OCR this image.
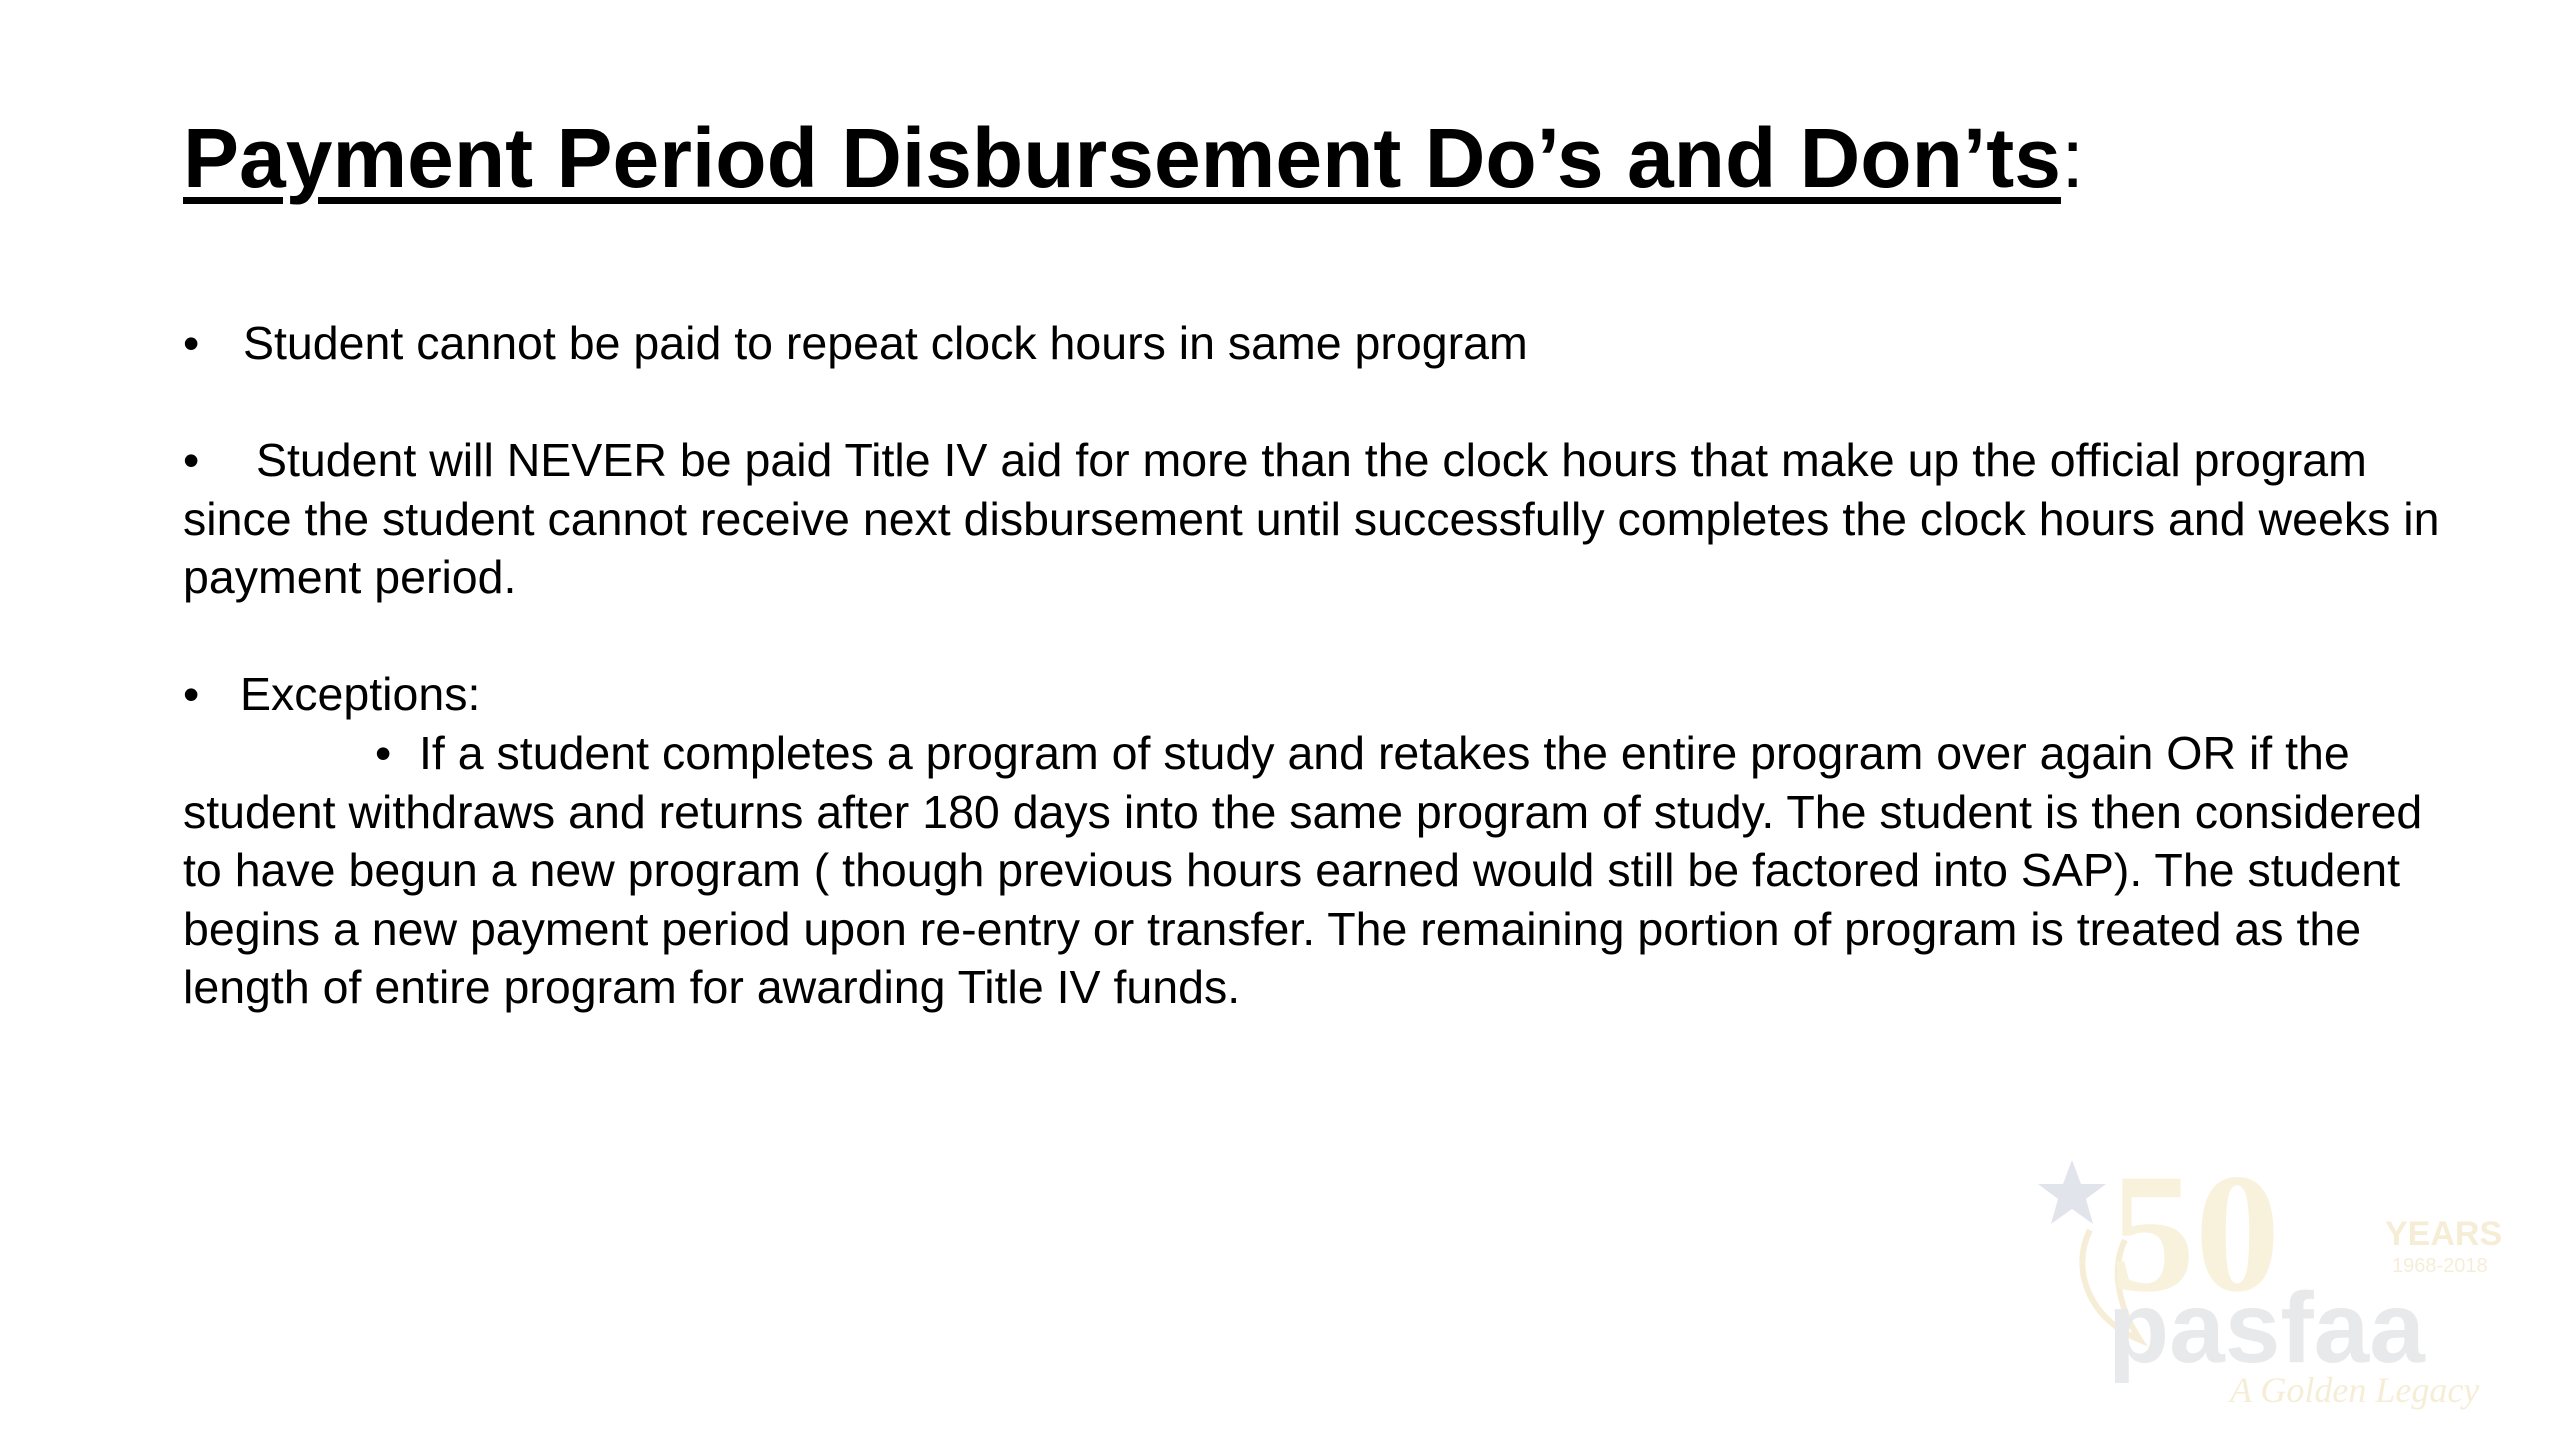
Payment Period Disbursement Do’s and Don’ts:

• Student cannot be paid to repeat clock hours in same program

• Student will NEVER be paid Title IV aid for more than the clock hours that make up the official program since the student cannot receive next disbursement until successfully completes the clock hours and weeks in payment period.

• Exceptions:

• If a student completes a program of study and retakes the entire program over again OR if the student withdraws and returns after 180 days into the same program of study. The student is then considered to have begun a new program ( though previous hours earned would still be factored into SAP). The student begins a new payment period upon re-entry or transfer. The remaining portion of program is treated as the length of entire program for awarding Title IV funds.

50	YEARS
1968-2018
pasfaa
A Golden Legacy
